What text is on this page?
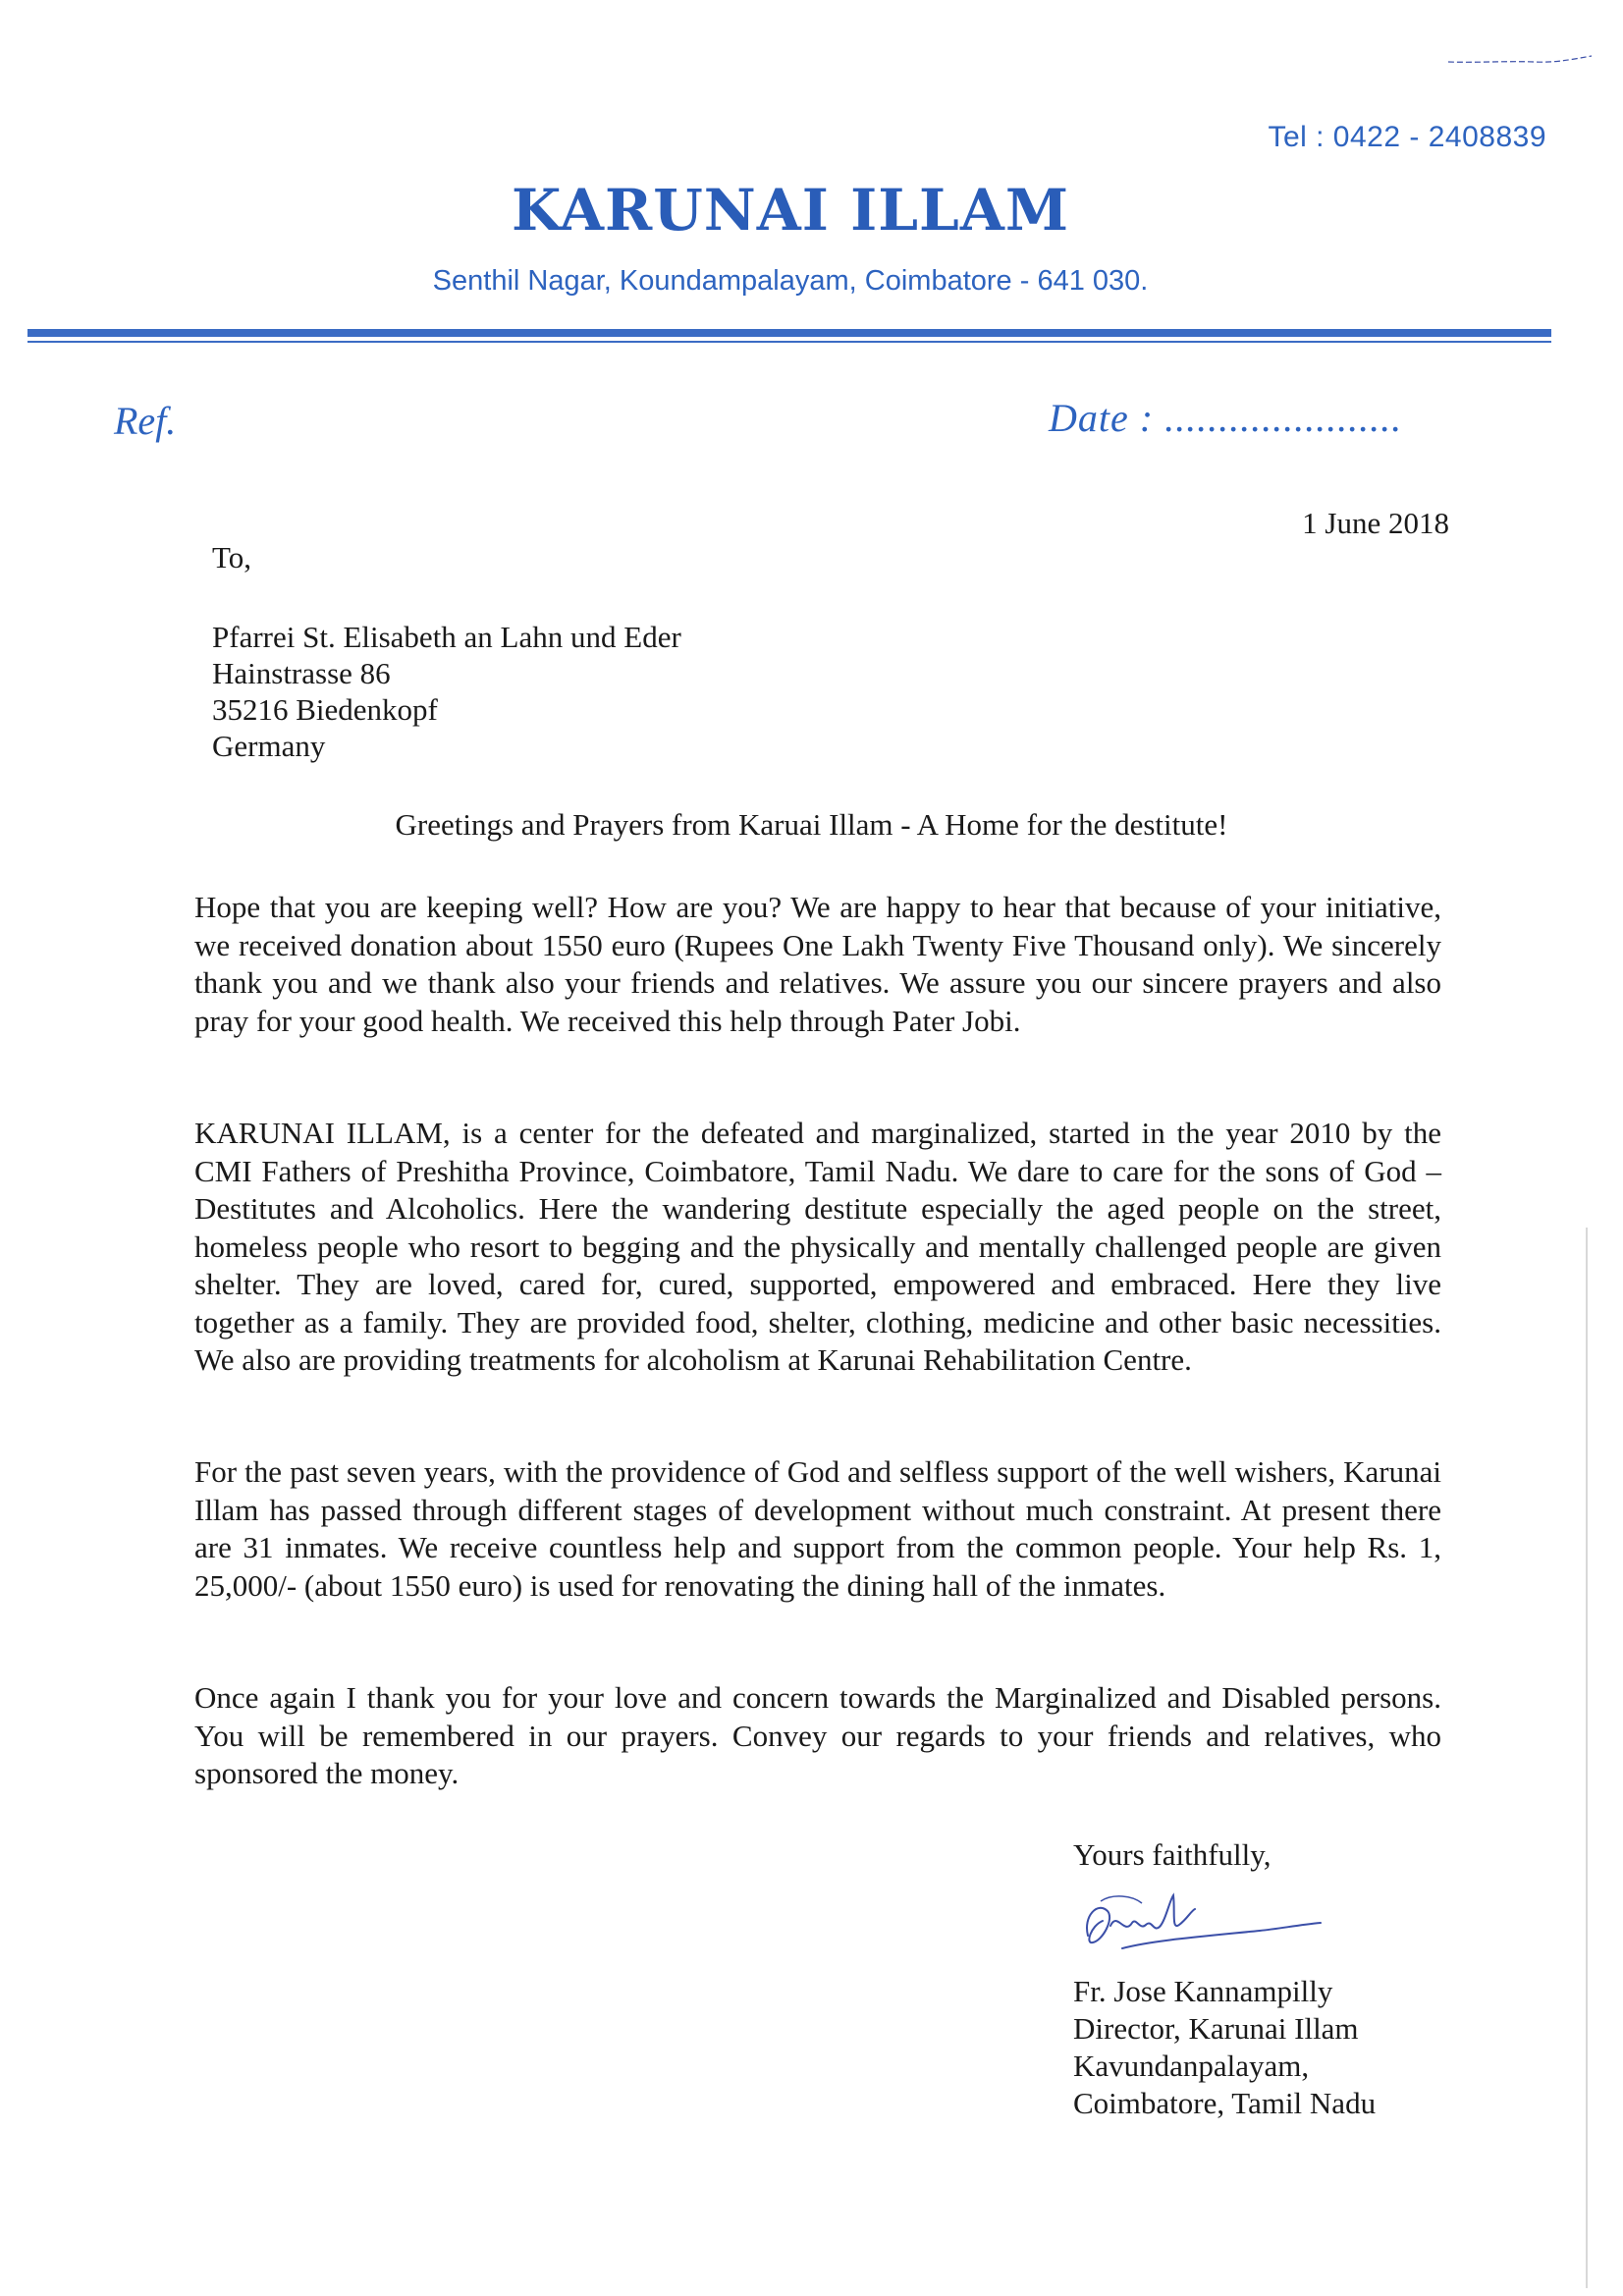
Tel : 0422 - 2408839
KARUNAI ILLAM
Senthil Nagar, Koundampalayam, Coimbatore - 641 030.
Ref.	Date : ......................
1 June 2018
To,
Pfarrei St. Elisabeth an Lahn und Eder
Hainstrasse 86
35216 Biedenkopf
Germany
Greetings and Prayers from Karuai Illam - A Home for the destitute!
Hope that you are keeping well? How are you? We are happy to hear that because of your initiative, we received donation about 1550 euro (Rupees One Lakh Twenty Five Thousand only). We sincerely thank you and we thank also your friends and relatives. We assure you our sincere prayers and also pray for your good health. We received this help through Pater Jobi.
KARUNAI ILLAM, is a center for the defeated and marginalized, started in the year 2010 by the CMI Fathers of Preshitha Province, Coimbatore, Tamil Nadu. We dare to care for the sons of God – Destitutes and Alcoholics. Here the wandering destitute especially the aged people on the street, homeless people who resort to begging and the physically and mentally challenged people are given shelter. They are loved, cared for, cured, supported, empowered and embraced. Here they live together as a family. They are provided food, shelter, clothing, medicine and other basic necessities. We also are providing treatments for alcoholism at Karunai Rehabilitation Centre.
For the past seven years, with the providence of God and selfless support of the well wishers, Karunai Illam has passed through different stages of development without much constraint. At present there are 31 inmates. We receive countless help and support from the common people. Your help Rs. 1, 25,000/- (about 1550 euro) is used for renovating the dining hall of the inmates.
Once again I thank you for your love and concern towards the Marginalized and Disabled persons. You will be remembered in our prayers. Convey our regards to your friends and relatives, who sponsored the money.
Yours faithfully,
Fr. Jose Kannampilly
Director, Karunai Illam
Kavundanpalayam,
Coimbatore, Tamil Nadu
